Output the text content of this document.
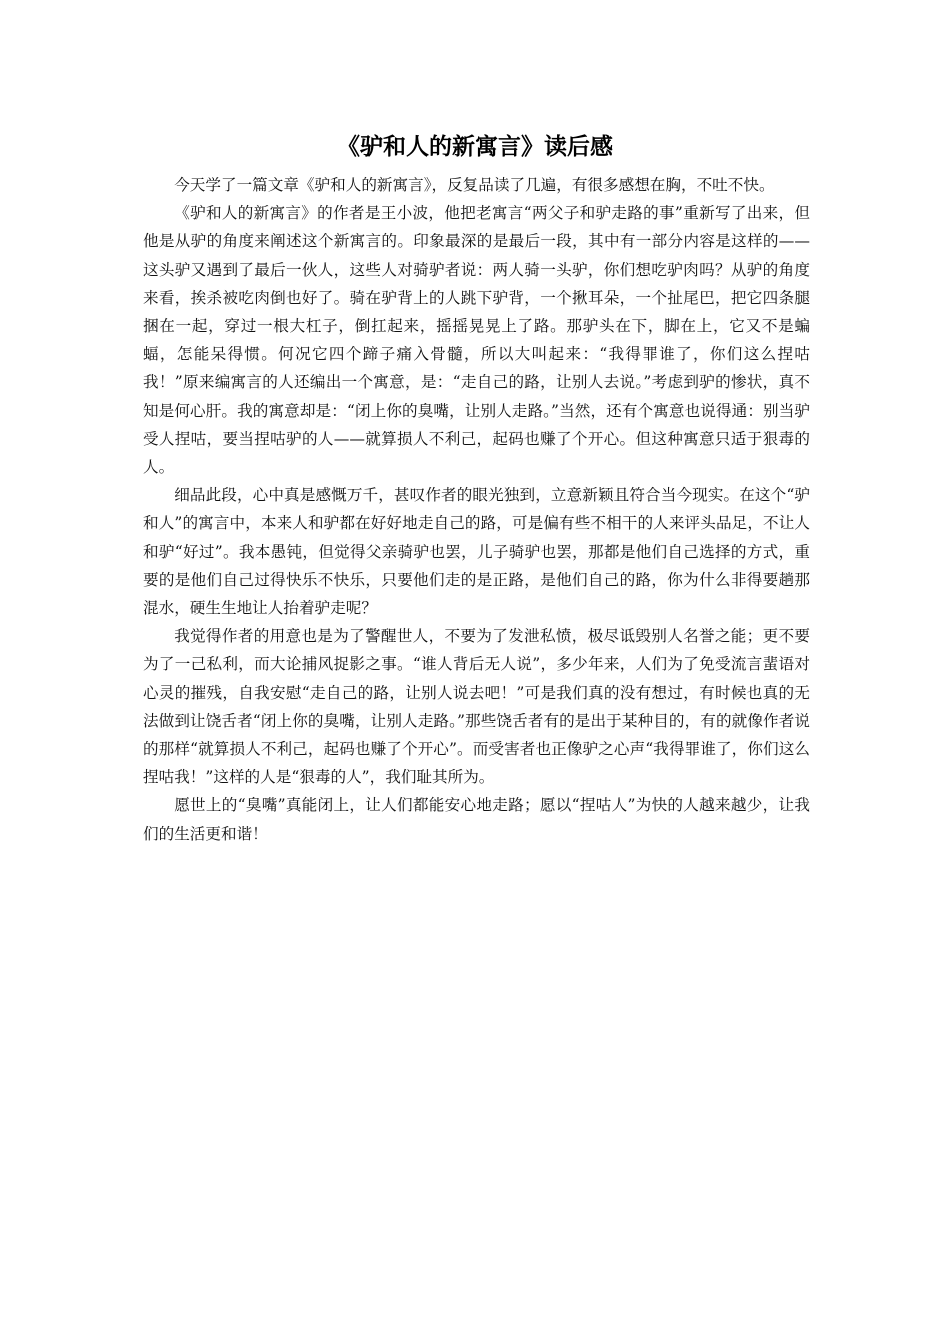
《驴和人的新寓言》读后感

今天学了一篇文章《驴和人的新寓言》，反复品读了几遍，有很多感想在胸，不吐不快。

《驴和人的新寓言》的作者是王小波，他把老寓言“两父子和驴走路的事”重新写了出来，但他是从驴的角度来阐述这个新寓言的。印象最深的是最后一段，其中有一部分内容是这样的——这头驴又遇到了最后一伙人，这些人对骑驴者说：两人骑一头驴，你们想吃驴肉吗？从驴的角度来看，挨杀被吃肉倒也好了。骑在驴背上的人跳下驴背，一个揪耳朵，一个扯尾巴，把它四条腿捆在一起，穿过一根大杠子，倒扛起来，摇摇晃晃上了路。那驴头在下，脚在上，它又不是蝙蝠，怎能呆得惯。何况它四个蹄子痛入骨髓，所以大叫起来：“我得罪谁了，你们这么捏咕我！”原来编寓言的人还编出一个寓意，是：“走自己的路，让别人去说。”考虑到驴的惨状，真不知是何心肝。我的寓意却是：“闭上你的臭嘴，让别人走路。”当然，还有个寓意也说得通：别当驴受人捏咕，要当捏咕驴的人——就算损人不利己，起码也赚了个开心。但这种寓意只适于狠毒的人。

细品此段，心中真是感慨万千，甚叹作者的眼光独到，立意新颖且符合当今现实。在这个“驴和人”的寓言中，本来人和驴都在好好地走自己的路，可是偏有些不相干的人来评头品足，不让人和驴“好过”。我本愚钝，但觉得父亲骑驴也罢，儿子骑驴也罢，那都是他们自己选择的方式，重要的是他们自己过得快乐不快乐，只要他们走的是正路，是他们自己的路，你为什么非得要趟那混水，硬生生地让人抬着驴走呢？

我觉得作者的用意也是为了警醒世人，不要为了发泄私愤，极尽诋毁别人名誉之能；更不要为了一己私利，而大论捕风捉影之事。“谁人背后无人说”，多少年来，人们为了免受流言蜚语对心灵的摧残，自我安慰“走自己的路，让别人说去吧！”可是我们真的没有想过，有时候也真的无法做到让饶舌者“闭上你的臭嘴，让别人走路。”那些饶舌者有的是出于某种目的，有的就像作者说的那样“就算损人不利己，起码也赚了个开心”。而受害者也正像驴之心声“我得罪谁了，你们这么捏咕我！”这样的人是“狠毒的人”，我们耻其所为。

愿世上的“臭嘴”真能闭上，让人们都能安心地走路；愿以“捏咕人”为快的人越来越少，让我们的生活更和谐！
